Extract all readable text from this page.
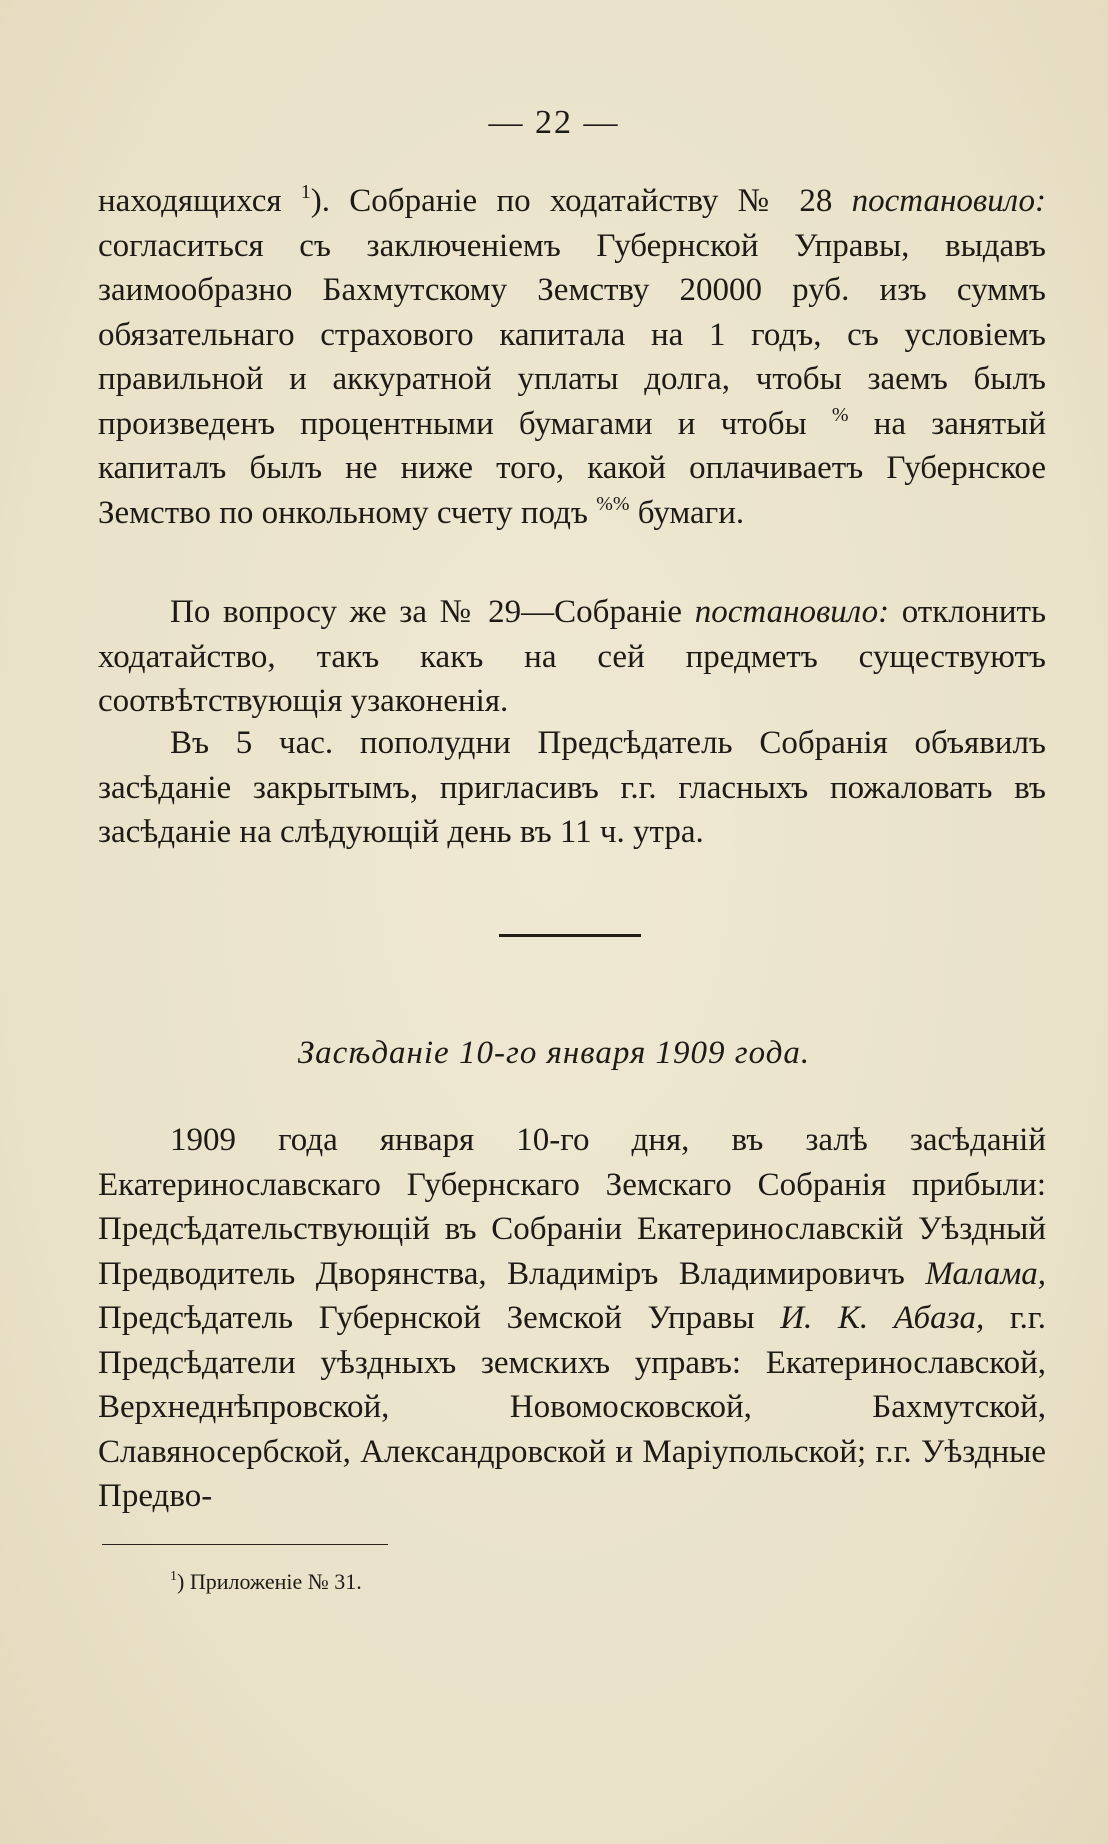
— 22 —

находящихся $^1$). Собранiе по ходатайству № 28 постановило: согласиться съ заключенiемъ Губернской Управы, выдавъ заимообразно Бахмутскому Земству 20000 руб. изъ суммъ обязательнаго страхового капитала на 1 годъ, съ условiемъ правильной и аккуратной уплаты долга, чтобы заемъ былъ произведенъ процентными бумагами и чтобы % на занятый капиталъ былъ не ниже того, какой оплачиваетъ Губернское Земство по онкольному счету подъ %% бумаги.

По вопросу же за № 29—Собранiе постановило: отклонить ходатайство, такъ какъ на сей предметъ существуютъ соотвѣтствующiя узаконенiя.

Въ 5 час. пополудни Предсѣдатель Собранiя объявилъ засѣданiе закрытымъ, пригласивъ г.г. гласныхъ пожаловать въ засѣданiе на слѣдующiй день въ 11 ч. утра.

Засѣданiе 10-го января 1909 года.

1909 года января 10-го дня, въ залѣ засѣданiй Екатеринославскаго Губернскаго Земскаго Собранiя прибыли: Предсѣдательствующiй въ Собранiи Екатеринославскiй Уѣздный Предводитель Дворянства, Владимiръ Владимировичъ Малама, Предсѣдатель Губернской Земской Управы И. К. Абаза, г.г. Предсѣдатели уѣздныхъ земскихъ управъ: Екатеринославской, Верхнеднѣпровской, Новомосковской, Бахмутской, Славяносербской, Александровской и Марiупольской; г.г. Уѣздные Предво-

$^1$) Приложенiе № 31.
